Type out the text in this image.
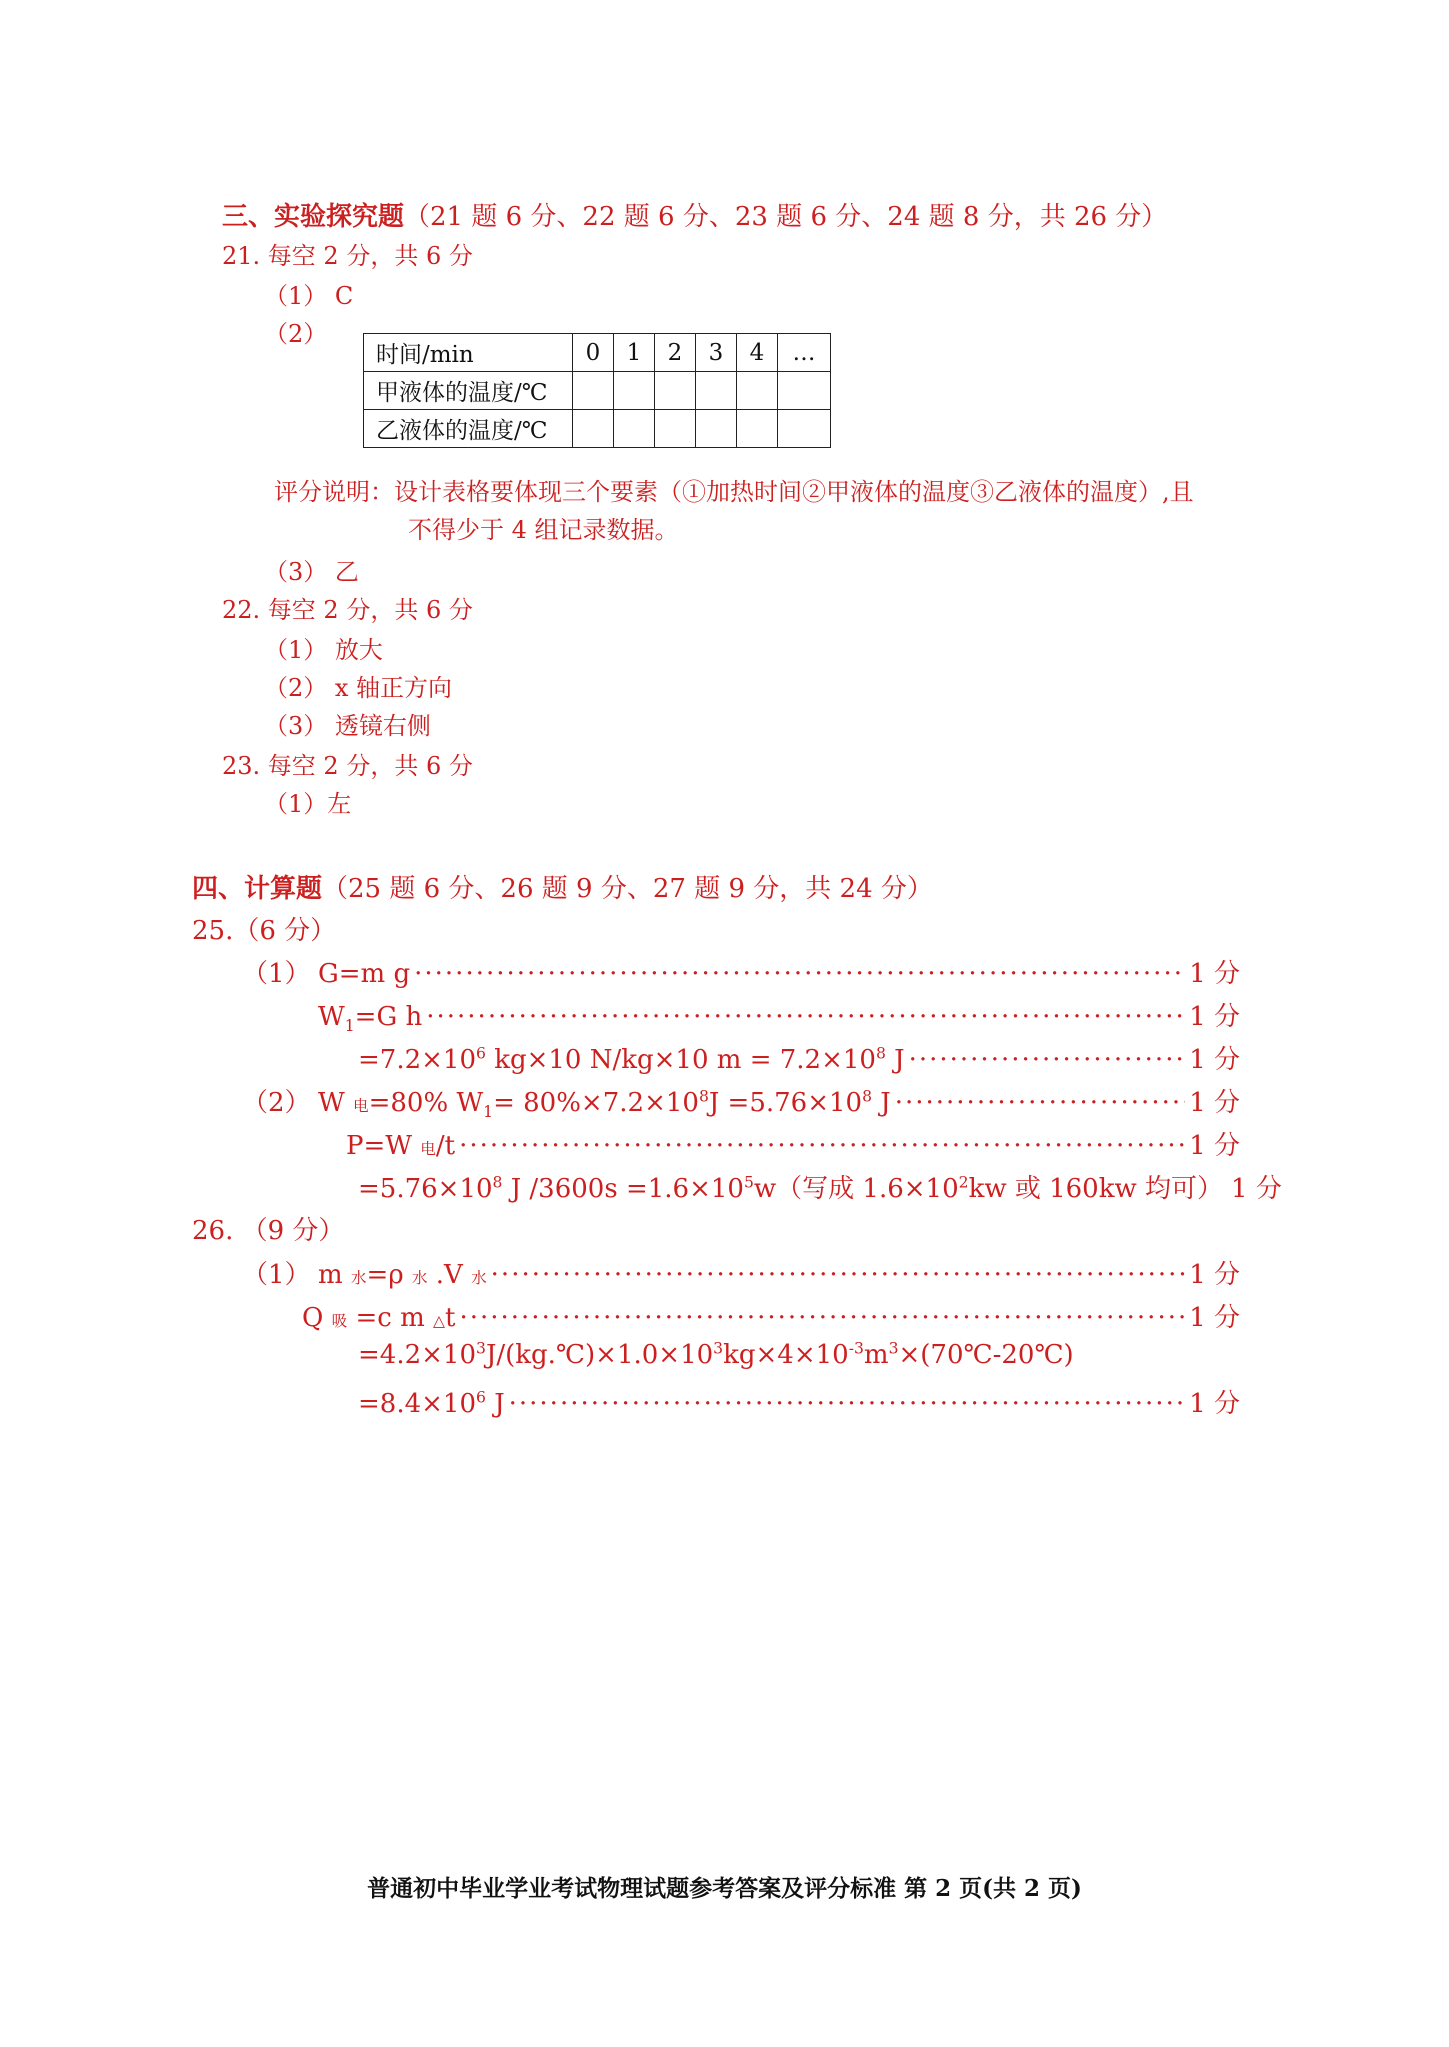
三、实验探究题（21 题 6 分、22 题 6 分、23 题 6 分、24 题 8 分，共 26 分）
21. 每空 2 分，共 6 分
（1） C
（2）
时间/min	0	1	2	3	4	…
甲液体的温度/℃						
乙液体的温度/℃						
评分说明：设计表格要体现三个要素（①加热时间②甲液体的温度③乙液体的温度）,且
不得少于 4 组记录数据。
（3） 乙
22. 每空 2 分，共 6 分
（1） 放大
（2） x 轴正方向
（3） 透镜右侧
23. 每空 2 分，共 6 分
（1）左
四、计算题（25 题 6 分、26 题 9 分、27 题 9 分，共 24 分）
25.（6 分）
（1） G=m g ·····	1 分
$W_1=G$ h ·····	1 分
$=7.2\times 10^6$ kg×10 N/kg×10 $m = 7.2\times 10^8$ J ·····	1 分
（2） W 电=80% $W_1= 80\%\times 7.2\times 10^8J =5.76\times 10^8$ J ·····	1 分
P=W 电/t ·····	1 分
$=5.76\times 10^8$ J $/3600s =1.6\times 10^5w$（写成 $1.6\times 10^2kw$ 或 160kw 均可） 1 分
26. （9 分）
（1） m 水=ρ 水 .V 水 ·····	1 分
Q 吸 =c m △t ·····	1 分
$=4.2\times 10^3J/(kg.℃)\times 1.0\times 10^3kg\times 4\times 10^{-3}m^3\times(70℃-20℃)$
$=8.4\times 10^6$ J ·····	1 分
普通初中毕业学业考试物理试题参考答案及评分标准 第 2 页(共 2 页)
